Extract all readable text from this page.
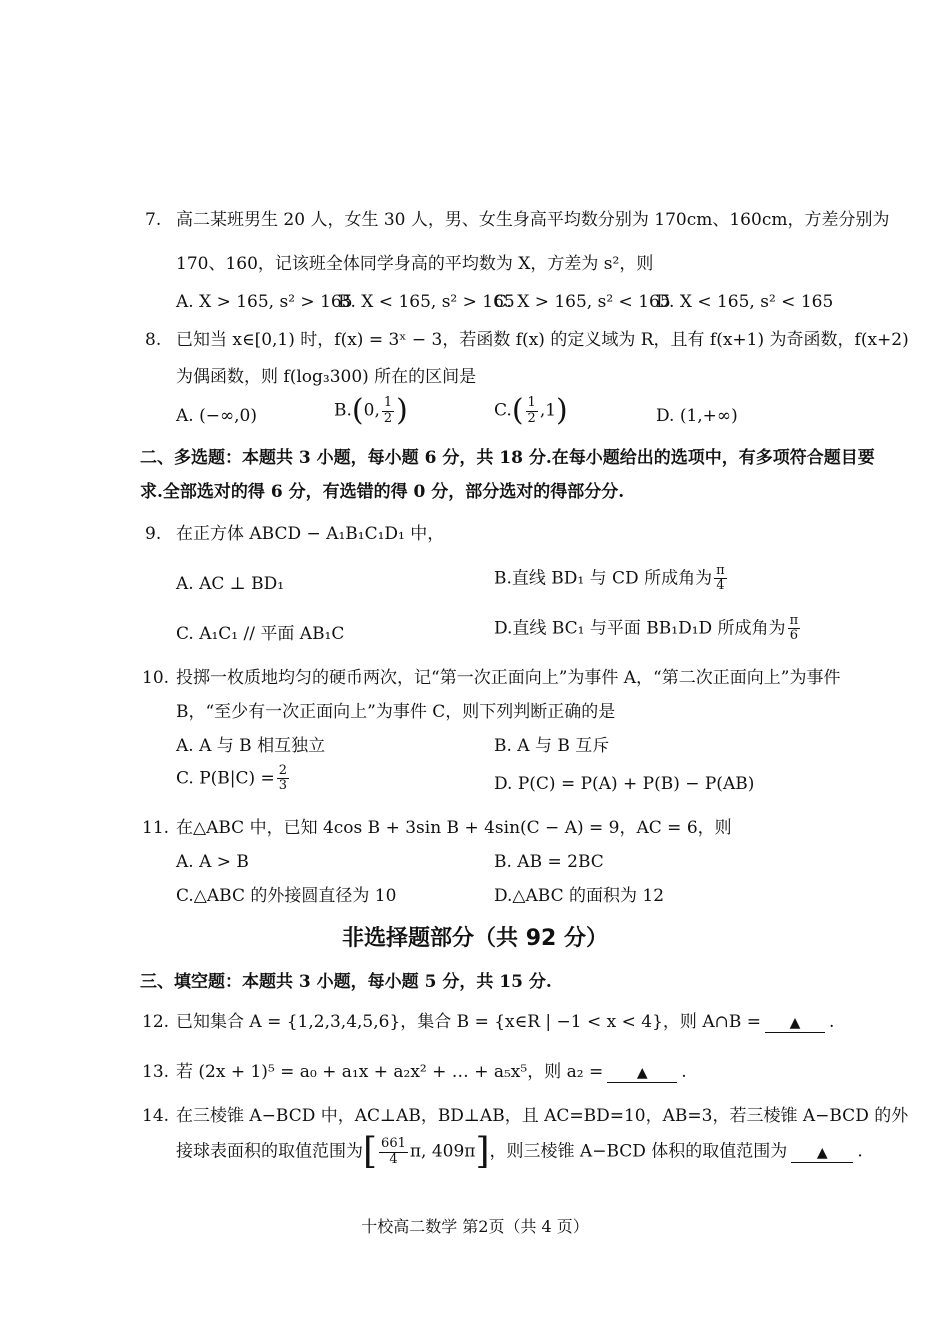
7. 高二某班男生 20 人，女生 30 人，男、女生身高平均数分别为 170cm、160cm，方差分别为
170、160，记该班全体同学身高的平均数为 X，方差为 s²，则
A. X > 165, s² > 165
B. X < 165, s² > 165
C. X > 165, s² < 165
D. X < 165, s² < 165
8. 已知当 x∈[0,1) 时，f(x) = 3ˣ − 3，若函数 f(x) 的定义域为 R，且有 f(x+1) 为奇函数，f(x+2)
为偶函数，则 f(log₃300) 所在的区间是
A. (−∞,0)	B.(0, $\frac{1}{2}$ )	$C.( \frac{1}{2} ,1)$	D. (1,+∞)
二、多选题：本题共 3 小题，每小题 6 分，共 18 分.在每小题给出的选项中，有多项符合题目要
求.全部选对的得 6 分，有选错的得 0 分，部分选对的得部分分.
9. 在正方体 ABCD − A₁B₁C₁D₁ 中，
A. AC ⊥ BD₁	B.直线 BD₁ 与 CD 所成角为 $\frac{\pi}{4}$
C. A₁C₁ // 平面 AB₁C	D.直线 BC₁ 与平面 BB₁D₁D 所成角为 $\frac{\pi}{6}$
10. 投掷一枚质地均匀的硬币两次，记“第一次正面向上”为事件 A，“第二次正面向上”为事件
B，“至少有一次正面向上”为事件 C，则下列判断正确的是
A. A 与 B 相互独立	B. A 与 B 互斥
C. $P(B|C) = \frac{2}{3}$	D. P(C) = P(A) + P(B) − P(AB)
11. 在△ABC 中，已知 4cos B + 3sin B + 4sin(C − A) = 9，AC = 6，则
A. A > B	B. AB = 2BC
C.△ABC 的外接圆直径为 10	D.△ABC 的面积为 12
非选择题部分（共 92 分）
三、填空题：本题共 3 小题，每小题 5 分，共 15 分.
12. 已知集合 A = {1,2,3,4,5,6}，集合 B = {x∈R | −1 < x < 4}，则 A∩B = ▲ .
13. 若 (2x + 1)⁵ = a₀ + a₁x + a₂x² + … + a₅x⁵，则 a₂ = ▲ .
14. 在三棱锥 A−BCD 中，AC⊥AB，BD⊥AB，且 AC=BD=10，AB=3，若三棱锥 A−BCD 的外
接球表面积的取值范围为[ $\frac{661}{4} \pi$, 409π]，则三棱锥 A−BCD 体积的取值范围为 ▲ .
十校高二数学 第2页（共 4 页）
